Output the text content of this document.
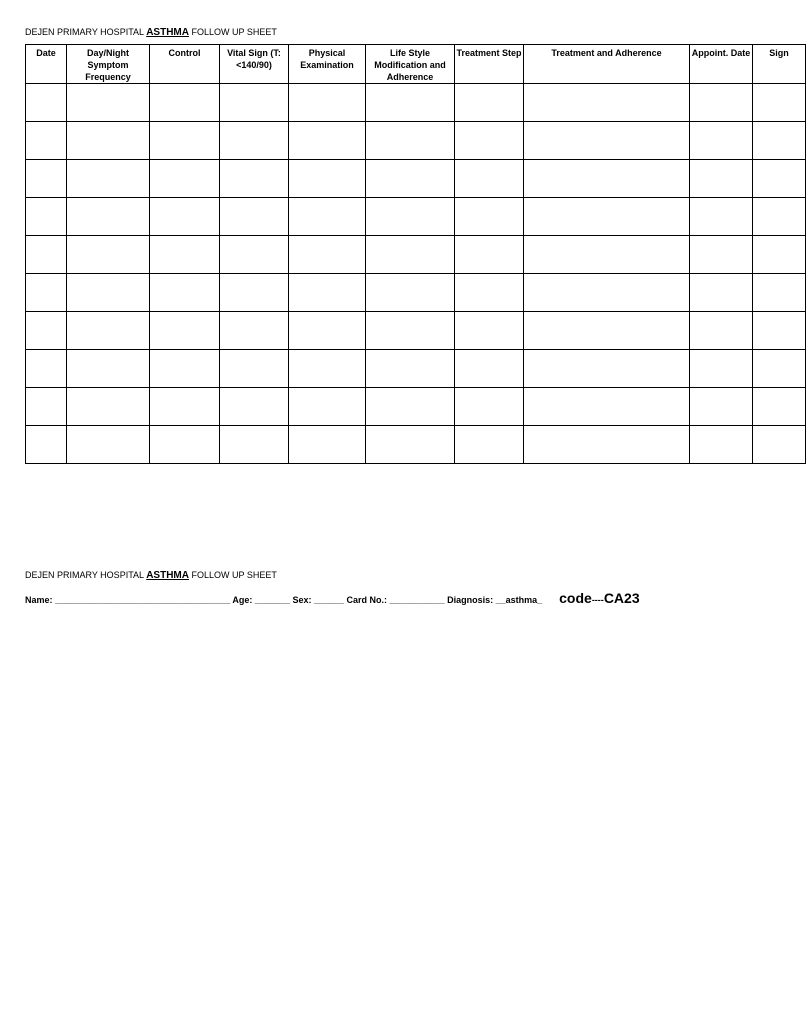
DEJEN PRIMARY HOSPITAL ASTHMA FOLLOW UP SHEET
Date	Day/Night Symptom Frequency	Control	Vital Sign (T:<140/90)	Physical Examination	Life Style Modification and Adherence	Treatment Step	Treatment and Adherence	Appoint. Date	Sign

DEJEN PRIMARY HOSPITAL ASTHMA FOLLOW UP SHEET
Name: ___________________________________ Age: _______ Sex: ______ Card No.: ___________ Diagnosis: __asthma_ code ---- CA23
